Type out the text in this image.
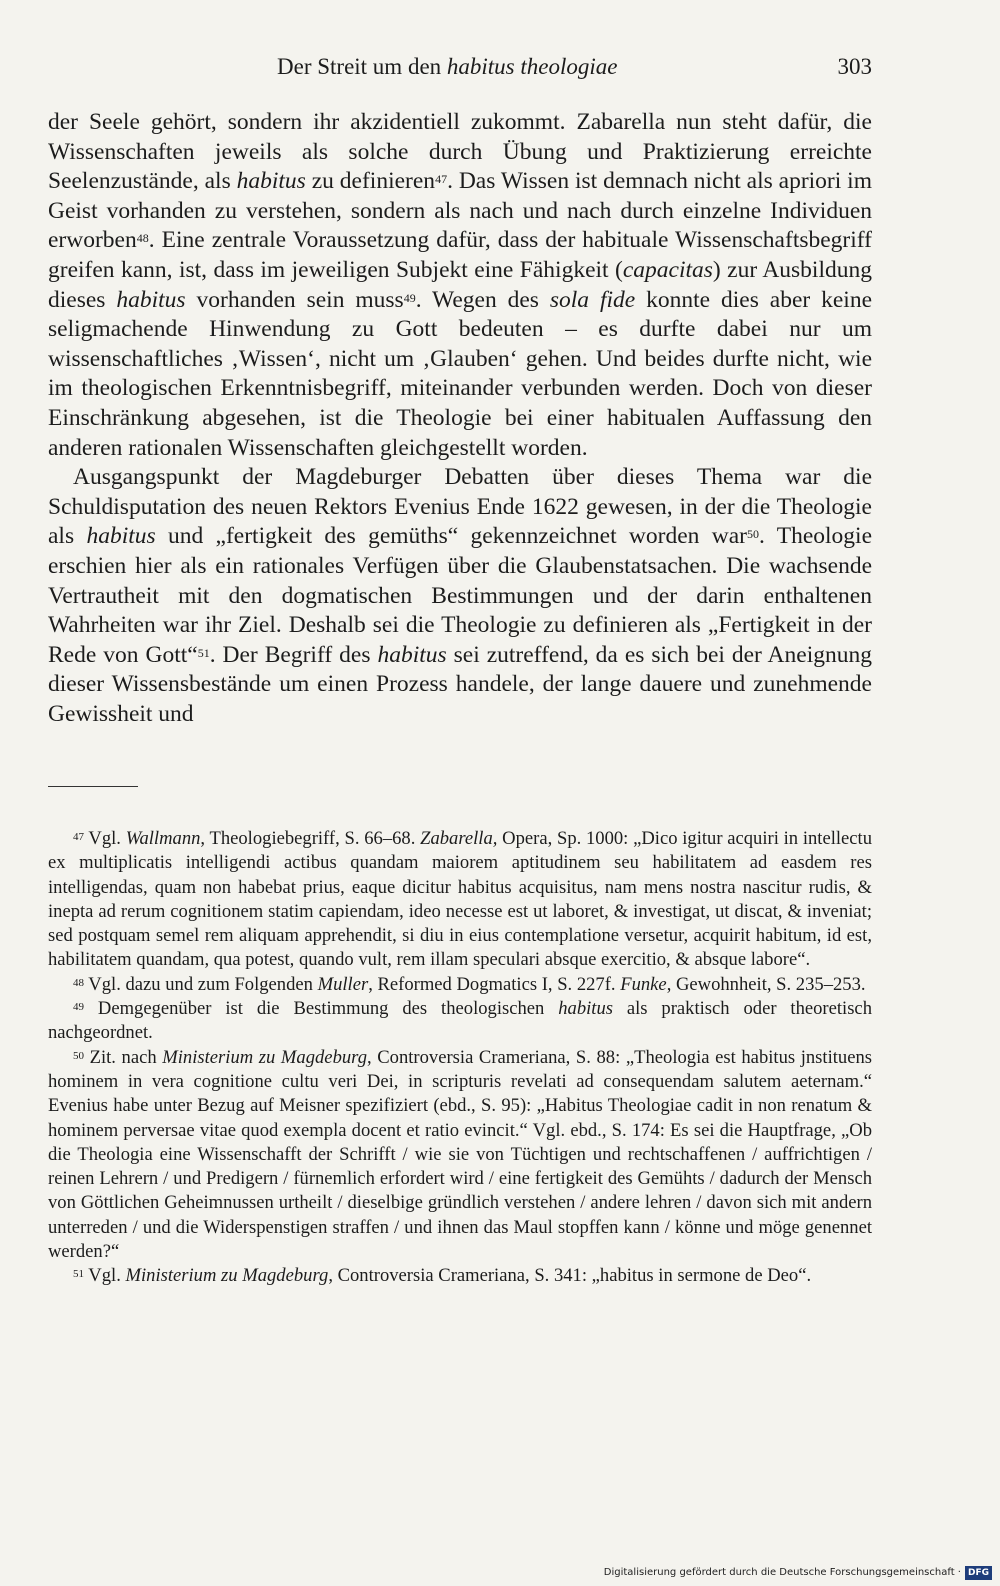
Der Streit um den habitus theologiae	303

der Seele gehört, sondern ihr akzidentiell zukommt. Zabarella nun steht dafür, die Wissenschaften jeweils als solche durch Übung und Praktizierung erreichte Seelenzustände, als habitus zu definieren$^{47}$. Das Wissen ist demnach nicht als apriori im Geist vorhanden zu verstehen, sondern als nach und nach durch einzelne Individuen erworben$^{48}$. Eine zentrale Voraussetzung dafür, dass der habituale Wissenschaftsbegriff greifen kann, ist, dass im jeweiligen Subjekt eine Fähigkeit (capacitas) zur Ausbildung dieses habitus vorhanden sein muss$^{49}$. Wegen des sola fide konnte dies aber keine seligmachende Hinwendung zu Gott bedeuten – es durfte dabei nur um wissenschaftliches ‚Wissen‘, nicht um ‚Glauben‘ gehen. Und beides durfte nicht, wie im theologischen Erkenntnisbegriff, miteinander verbunden werden. Doch von dieser Einschränkung abgesehen, ist die Theologie bei einer habitualen Auffassung den anderen rationalen Wissenschaften gleichgestellt worden.

Ausgangspunkt der Magdeburger Debatten über dieses Thema war die Schuldisputation des neuen Rektors Evenius Ende 1622 gewesen, in der die Theologie als habitus und „fertigkeit des gemüths“ gekennzeichnet worden war$^{50}$. Theologie erschien hier als ein rationales Verfügen über die Glaubenstatsachen. Die wachsende Vertrautheit mit den dogmatischen Bestimmungen und der darin enthaltenen Wahrheiten war ihr Ziel. Deshalb sei die Theologie zu definieren als „Fertigkeit in der Rede von Gott“$^{51}$. Der Begriff des habitus sei zutreffend, da es sich bei der Aneignung dieser Wissensbestände um einen Prozess handele, der lange dauere und zunehmende Gewissheit und

$^{47}$ Vgl. Wallmann, Theologiebegriff, S. 66–68. Zabarella, Opera, Sp. 1000: „Dico igitur acquiri in intellectu ex multiplicatis intelligendi actibus quandam maiorem aptitudinem seu habilitatem ad easdem res intelligendas, quam non habebat prius, eaque dicitur habitus acquisitus, nam mens nostra nascitur rudis, & inepta ad rerum cognitionem statim capiendam, ideo necesse est ut laboret, & investigat, ut discat, & inveniat; sed postquam semel rem aliquam apprehendit, si diu in eius contemplatione versetur, acquirit habitum, id est, habilitatem quandam, qua potest, quando vult, rem illam speculari absque exercitio, & absque labore“.

$^{48}$ Vgl. dazu und zum Folgenden Muller, Reformed Dogmatics I, S. 227f. Funke, Gewohnheit, S. 235–253.

$^{49}$ Demgegenüber ist die Bestimmung des theologischen habitus als praktisch oder theoretisch nachgeordnet.

$^{50}$ Zit. nach Ministerium zu Magdeburg, Controversia Crameriana, S. 88: „Theologia est habitus jnstituens hominem in vera cognitione cultu veri Dei, in scripturis revelati ad consequendam salutem aeternam.“ Evenius habe unter Bezug auf Meisner spezifiziert (ebd., S. 95): „Habitus Theologiae cadit in non renatum & hominem perversae vitae quod exempla docent et ratio evincit.“ Vgl. ebd., S. 174: Es sei die Hauptfrage, „Ob die Theologia eine Wissenschafft der Schrifft / wie sie von Tüchtigen und rechtschaffenen / auffrichtigen / reinen Lehrern / und Predigern / fürnemlich erfordert wird / eine fertigkeit des Gemühts / dadurch der Mensch von Göttlichen Geheimnussen urtheilt / dieselbige gründlich verstehen / andere lehren / davon sich mit andern unterreden / und die Widerspenstigen straffen / und ihnen das Maul stopffen kann / könne und möge genennet werden?“

$^{51}$ Vgl. Ministerium zu Magdeburg, Controversia Crameriana, S. 341: „habitus in sermone de Deo“.

Digitalisierung gefördert durch die Deutsche Forschungsgemeinschaft · DFG
